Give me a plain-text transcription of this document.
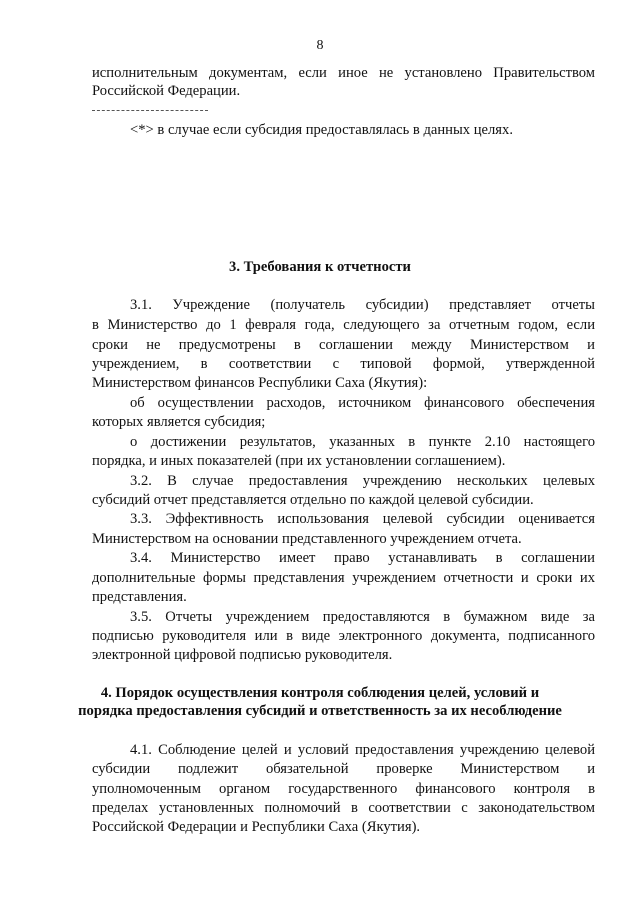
8
исполнительным документам, если иное не установлено Правительством
Российской Федерации.
<*> в случае если субсидия предоставлялась в данных целях.
3. Требования к отчетности
3.1. Учреждение (получатель субсидии) представляет отчеты
в Министерство до 1 февраля года, следующего за отчетным годом, если
сроки не предусмотрены в соглашении между Министерством и
учреждением, в соответствии с типовой формой, утвержденной
Министерством финансов Республики Саха (Якутия):
об осуществлении расходов, источником финансового обеспечения
которых является субсидия;
о достижении результатов, указанных в пункте 2.10 настоящего
порядка, и иных показателей (при их установлении соглашением).
3.2. В случае предоставления учреждению нескольких целевых
субсидий отчет представляется отдельно по каждой целевой субсидии.
3.3. Эффективность использования целевой субсидии оценивается
Министерством на основании представленного учреждением отчета.
3.4. Министерство имеет право устанавливать в соглашении
дополнительные формы представления учреждением отчетности и сроки их
представления.
3.5. Отчеты учреждением предоставляются в бумажном виде за
подписью руководителя или в виде электронного документа, подписанного
электронной цифровой подписью руководителя.
4. Порядок осуществления контроля соблюдения целей, условий и
порядка предоставления субсидий и ответственность за их несоблюдение
4.1. Соблюдение целей и условий предоставления учреждению целевой
субсидии подлежит обязательной проверке Министерством и
уполномоченным органом государственного финансового контроля в
пределах установленных полномочий в соответствии с законодательством
Российской Федерации и Республики Саха (Якутия).
